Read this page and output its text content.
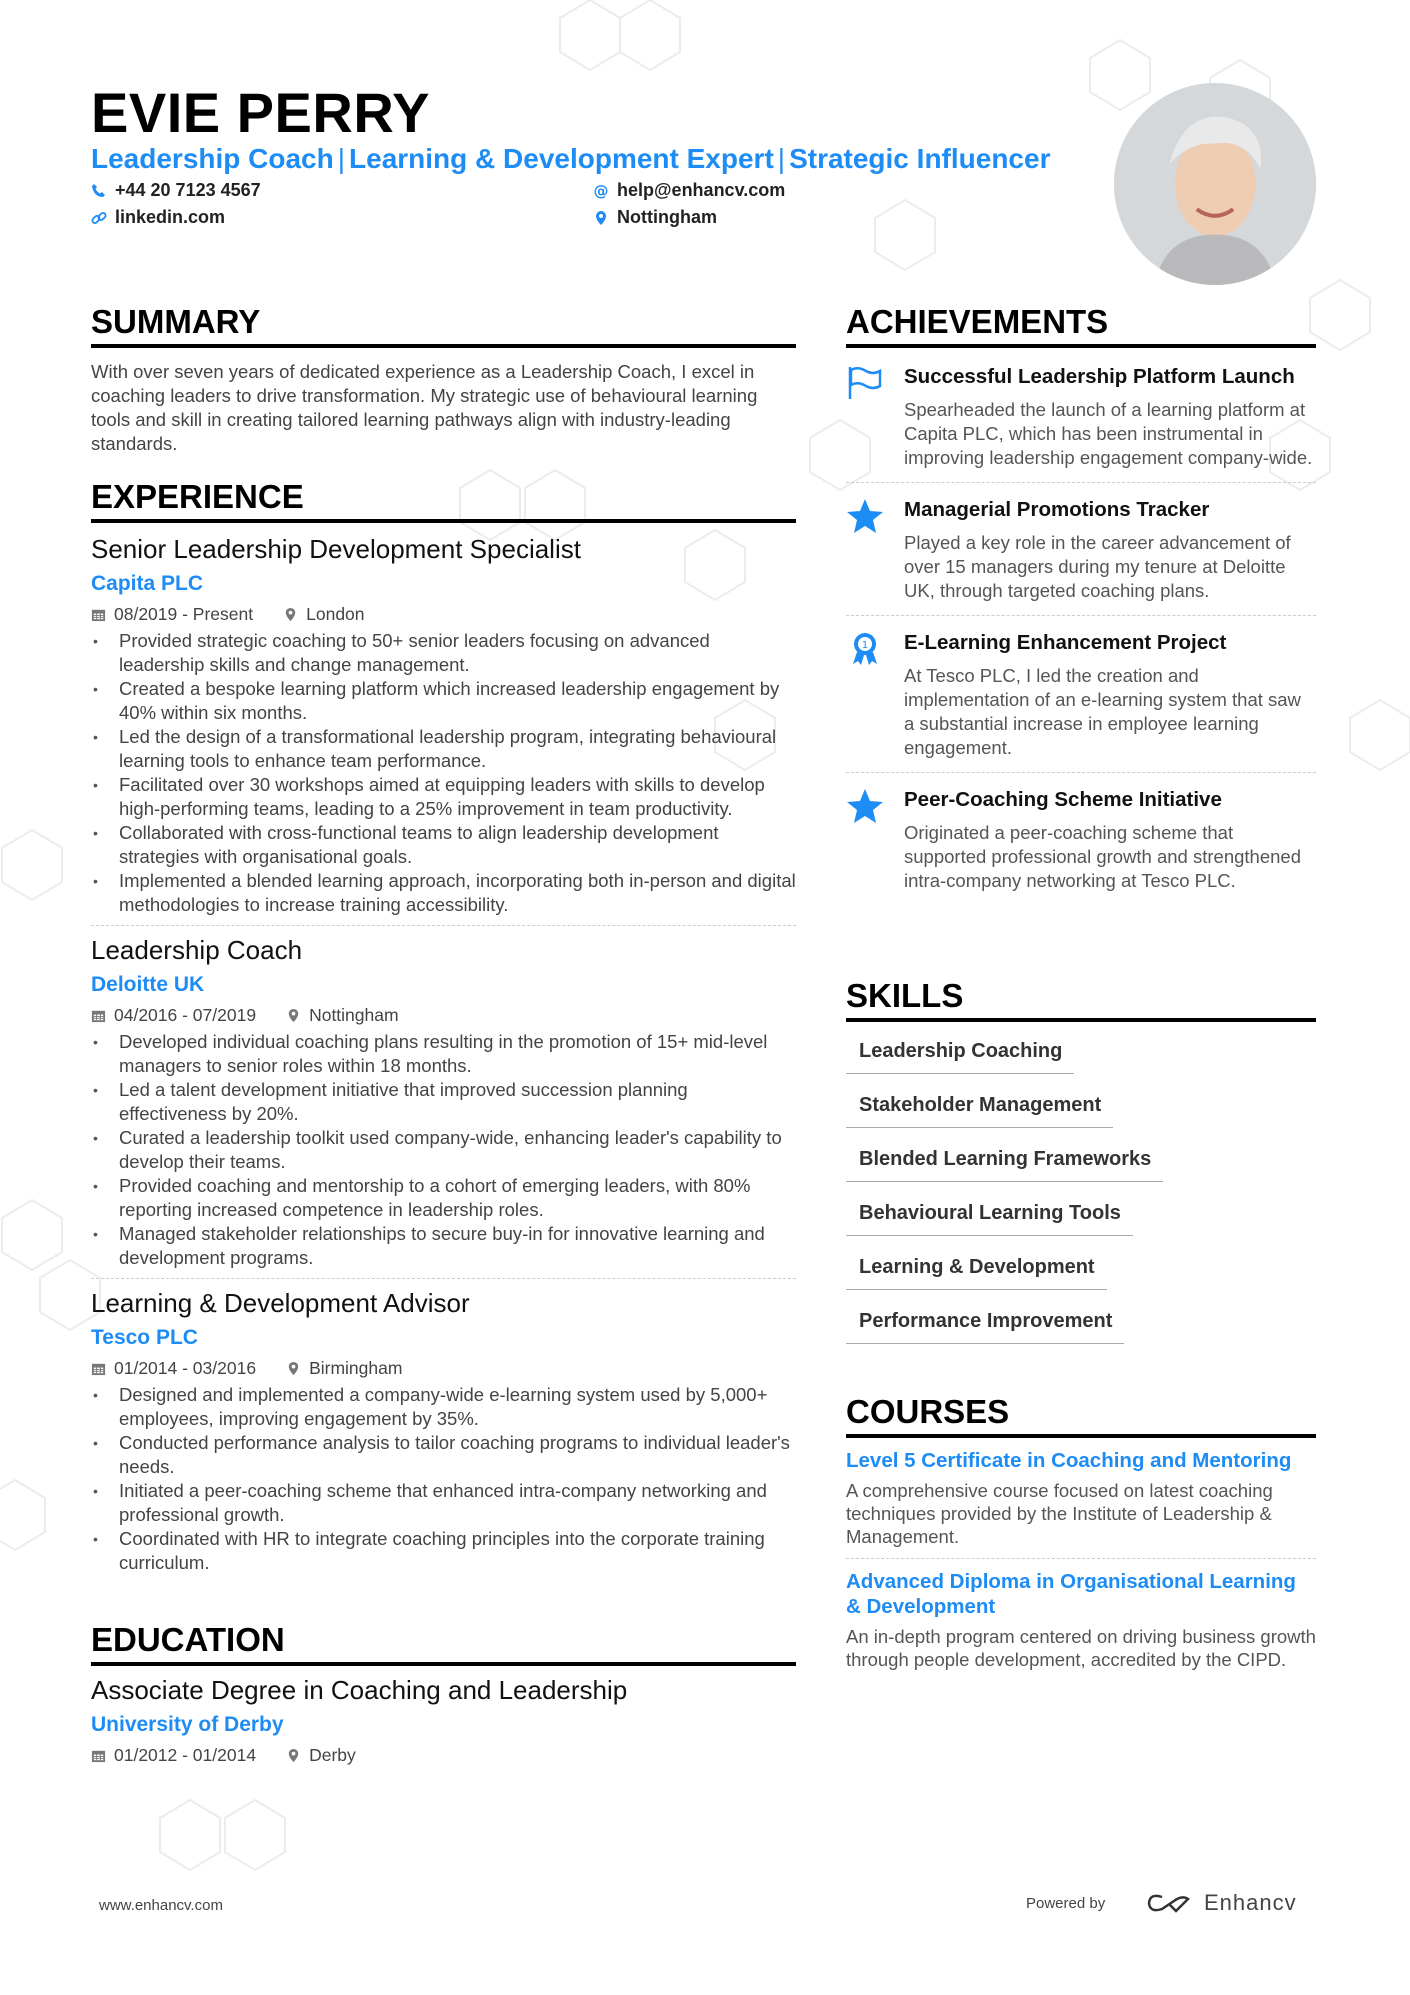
EVIE PERRY
Leadership Coach | Learning & Development Expert | Strategic Influencer
+44 20 7123 4567
linkedin.com
@ help@enhancv.com
Nottingham
SUMMARY

With over seven years of dedicated experience as a Leadership Coach, I excel in coaching leaders to drive transformation. My strategic use of behavioural learning tools and skill in creating tailored learning pathways align with industry-leading standards.

EXPERIENCE
Senior Leadership Development Specialist
Capita PLC
08/2019 - Present	London
• Provided strategic coaching to 50+ senior leaders focusing on advanced leadership skills and change management.
• Created a bespoke learning platform which increased leadership engagement by 40% within six months.
• Led the design of a transformational leadership program, integrating behavioural learning tools to enhance team performance.
• Facilitated over 30 workshops aimed at equipping leaders with skills to develop high-performing teams, leading to a 25% improvement in team productivity.
• Collaborated with cross-functional teams to align leadership development strategies with organisational goals.
• Implemented a blended learning approach, incorporating both in-person and digital methodologies to increase training accessibility.
Leadership Coach
Deloitte UK
04/2016 - 07/2019	Nottingham
• Developed individual coaching plans resulting in the promotion of 15+ mid-level managers to senior roles within 18 months.
• Led a talent development initiative that improved succession planning effectiveness by 20%.
• Curated a leadership toolkit used company-wide, enhancing leader's capability to develop their teams.
• Provided coaching and mentorship to a cohort of emerging leaders, with 80% reporting increased competence in leadership roles.
• Managed stakeholder relationships to secure buy-in for innovative learning and development programs.
Learning & Development Advisor
Tesco PLC
01/2014 - 03/2016	Birmingham
• Designed and implemented a company-wide e-learning system used by 5,000+ employees, improving engagement by 35%.
• Conducted performance analysis to tailor coaching programs to individual leader's needs.
• Initiated a peer-coaching scheme that enhanced intra-company networking and professional growth.
• Coordinated with HR to integrate coaching principles into the corporate training curriculum.
EDUCATION
Associate Degree in Coaching and Leadership
University of Derby
01/2012 - 01/2014	Derby
ACHIEVEMENTS
Successful Leadership Platform Launch
Spearheaded the launch of a learning platform at Capita PLC, which has been instrumental in improving leadership engagement company-wide.
Managerial Promotions Tracker
Played a key role in the career advancement of over 15 managers during my tenure at Deloitte UK, through targeted coaching plans.
1 E-Learning Enhancement Project
At Tesco PLC, I led the creation and implementation of an e-learning system that saw a substantial increase in employee learning engagement.
Peer-Coaching Scheme Initiative
Originated a peer-coaching scheme that supported professional growth and strengthened intra-company networking at Tesco PLC.
SKILLS
Leadership Coaching
Stakeholder Management
Blended Learning Frameworks
Behavioural Learning Tools
Learning & Development
Performance Improvement
COURSES
Level 5 Certificate in Coaching and Mentoring
A comprehensive course focused on latest coaching techniques provided by the Institute of Leadership & Management.
Advanced Diploma in Organisational Learning & Development
An in-depth program centered on driving business growth through people development, accredited by the CIPD.
www.enhancv.com	Powered by	Enhancv
